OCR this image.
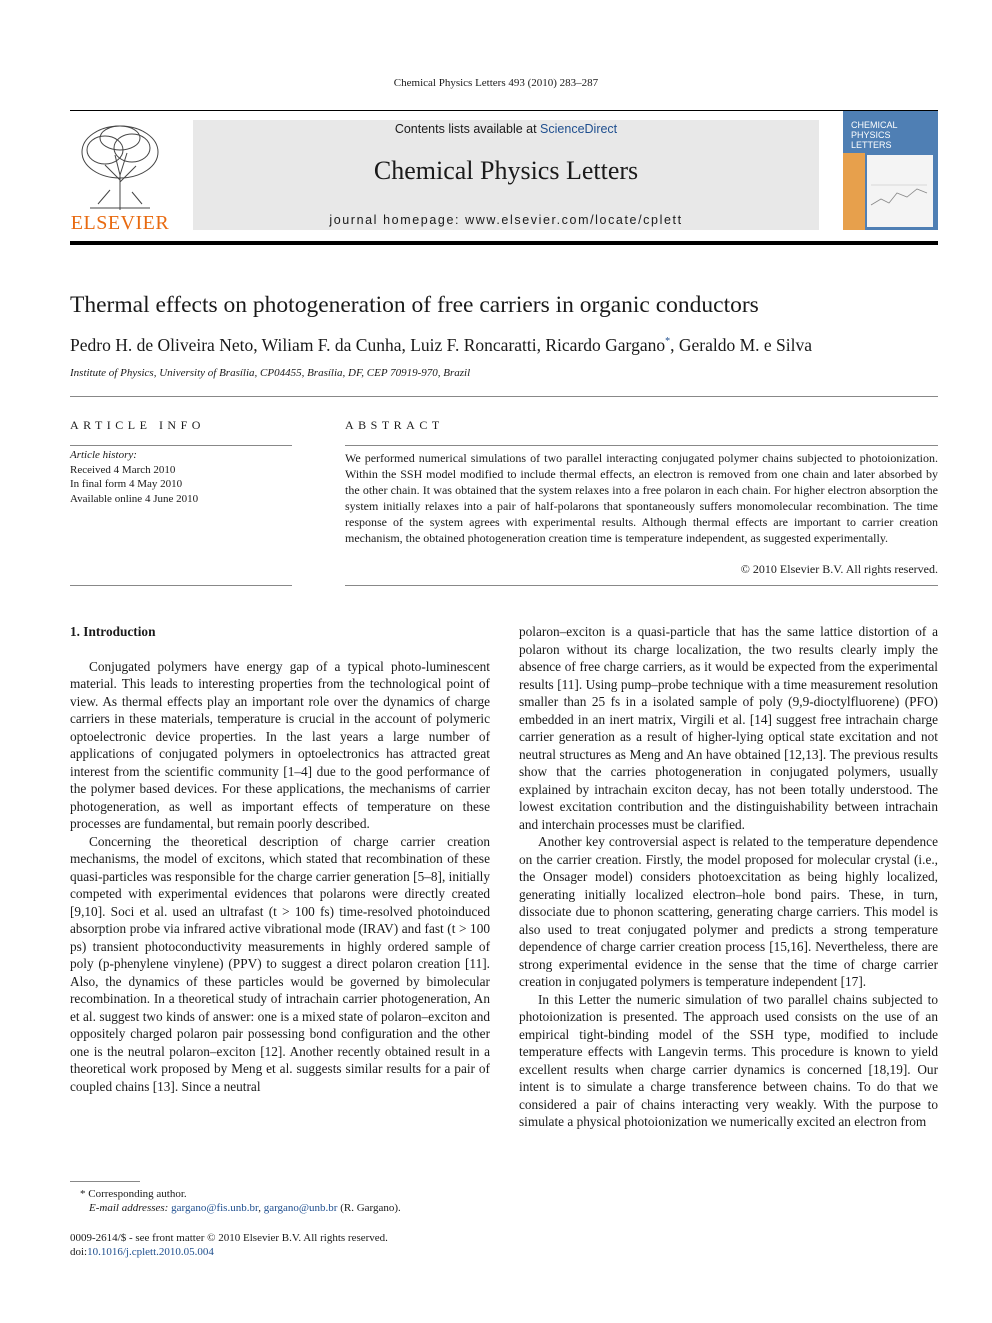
Chemical Physics Letters 493 (2010) 283–287
ELSEVIER
Contents lists available at ScienceDirect
Chemical Physics Letters
journal homepage: www.elsevier.com/locate/cplett
CHEMICAL
PHYSICS
LETTERS
Thermal effects on photogeneration of free carriers in organic conductors
Pedro H. de Oliveira Neto, Wiliam F. da Cunha, Luiz F. Roncaratti, Ricardo Gargano*, Geraldo M. e Silva
Institute of Physics, University of Brasília, CP04455, Brasília, DF, CEP 70919-970, Brazil
ARTICLE INFO
Article history:
Received 4 March 2010
In final form 4 May 2010
Available online 4 June 2010
ABSTRACT
We performed numerical simulations of two parallel interacting conjugated polymer chains subjected to photoionization. Within the SSH model modified to include thermal effects, an electron is removed from one chain and later absorbed by the other chain. It was obtained that the system relaxes into a free polaron in each chain. For higher electron absorption the system initially relaxes into a pair of half-polarons that spontaneously suffers monomolecular recombination. The time response of the system agrees with experimental results. Although thermal effects are important to carrier creation mechanism, the obtained photogeneration creation time is temperature independent, as suggested experimentally.
© 2010 Elsevier B.V. All rights reserved.
1. Introduction

Conjugated polymers have energy gap of a typical photo-luminescent material. This leads to interesting properties from the technological point of view. As thermal effects play an important role over the dynamics of charge carriers in these materials, temperature is crucial in the account of polymeric optoelectronic device properties. In the last years a large number of applications of conjugated polymers in optoelectronics has attracted great interest from the scientific community [1–4] due to the good performance of the polymer based devices. For these applications, the mechanisms of carrier photogeneration, as well as important effects of temperature on these processes are fundamental, but remain poorly described.

Concerning the theoretical description of charge carrier creation mechanisms, the model of excitons, which stated that recombination of these quasi-particles was responsible for the charge carrier generation [5–8], initially competed with experimental evidences that polarons were directly created [9,10]. Soci et al. used an ultrafast (t > 100 fs) time-resolved photoinduced absorption probe via infrared active vibrational mode (IRAV) and fast (t > 100 ps) transient photoconductivity measurements in highly ordered sample of poly (p-phenylene vinylene) (PPV) to suggest a direct polaron creation [11]. Also, the dynamics of these particles would be governed by bimolecular recombination. In a theoretical study of intrachain carrier photogeneration, An et al. suggest two kinds of answer: one is a mixed state of polaron–exciton and oppositely charged polaron pair possessing bond configuration and the other one is the neutral polaron–exciton [12]. Another recently obtained result in a theoretical work proposed by Meng et al. suggests similar results for a pair of coupled chains [13]. Since a neutral

polaron–exciton is a quasi-particle that has the same lattice distortion of a polaron without its charge localization, the two results clearly imply the absence of free charge carriers, as it would be expected from the experimental results [11]. Using pump–probe technique with a time measurement resolution smaller than 25 fs in a isolated sample of poly (9,9-dioctylfluorene) (PFO) embedded in an inert matrix, Virgili et al. [14] suggest free intrachain charge carrier generation as a result of higher-lying optical state excitation and not neutral structures as Meng and An have obtained [12,13]. The previous results show that the carries photogeneration in conjugated polymers, usually explained by intrachain exciton decay, has not been totally understood. The lowest excitation contribution and the distinguishability between intrachain and interchain processes must be clarified.

Another key controversial aspect is related to the temperature dependence on the carrier creation. Firstly, the model proposed for molecular crystal (i.e., the Onsager model) considers photoexcitation as being highly localized, generating initially localized electron–hole bond pairs. These, in turn, dissociate due to phonon scattering, generating charge carriers. This model is also used to treat conjugated polymer and predicts a strong temperature dependence of charge carrier creation process [15,16]. Nevertheless, there are strong experimental evidence in the sense that the time of charge carrier creation in conjugated polymers is temperature independent [17].

In this Letter the numeric simulation of two parallel chains subjected to photoionization is presented. The approach used consists on the use of an empirical tight-binding model of the SSH type, modified to include temperature effects with Langevin terms. This procedure is known to yield excellent results when charge carrier dynamics is concerned [18,19]. Our intent is to simulate a charge transference between chains. To do that we considered a pair of chains interacting very weakly. With the purpose to simulate a physical photoionization we numerically excited an electron from

* Corresponding author.
E-mail addresses: gargano@fis.unb.br, gargano@unb.br (R. Gargano).
0009-2614/$ - see front matter © 2010 Elsevier B.V. All rights reserved.
doi:10.1016/j.cplett.2010.05.004
